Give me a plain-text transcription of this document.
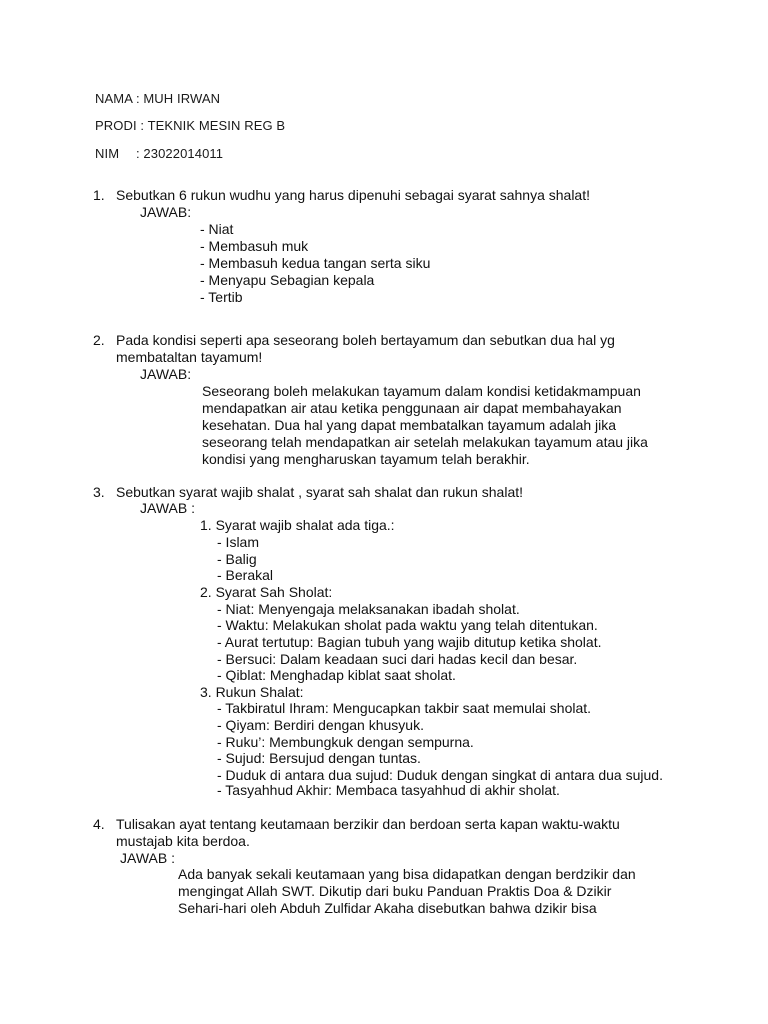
NAMA : MUH IRWAN
PRODI : TEKNIK MESIN REG B
NIM : 23022014011
1. Sebutkan 6 rukun wudhu yang harus dipenuhi sebagai syarat sahnya shalat!
JAWAB:
- Niat
- Membasuh muk
- Membasuh kedua tangan serta siku
- Menyapu Sebagian kepala
- Tertib
2. Pada kondisi seperti apa seseorang boleh bertayamum dan sebutkan dua hal yg
membataltan tayamum!
JAWAB:
Seseorang boleh melakukan tayamum dalam kondisi ketidakmampuan
mendapatkan air atau ketika penggunaan air dapat membahayakan
kesehatan. Dua hal yang dapat membatalkan tayamum adalah jika
seseorang telah mendapatkan air setelah melakukan tayamum atau jika
kondisi yang mengharuskan tayamum telah berakhir.
3. Sebutkan syarat wajib shalat , syarat sah shalat dan rukun shalat!
JAWAB :
1. Syarat wajib shalat ada tiga.:
- Islam
- Balig
- Berakal
2. Syarat Sah Sholat:
- Niat: Menyengaja melaksanakan ibadah sholat.
- Waktu: Melakukan sholat pada waktu yang telah ditentukan.
- Aurat tertutup: Bagian tubuh yang wajib ditutup ketika sholat.
- Bersuci: Dalam keadaan suci dari hadas kecil dan besar.
- Qiblat: Menghadap kiblat saat sholat.
3. Rukun Shalat:
- Takbiratul Ihram: Mengucapkan takbir saat memulai sholat.
- Qiyam: Berdiri dengan khusyuk.
- Ruku’: Membungkuk dengan sempurna.
- Sujud: Bersujud dengan tuntas.
- Duduk di antara dua sujud: Duduk dengan singkat di antara dua sujud.
- Tasyahhud Akhir: Membaca tasyahhud di akhir sholat.
4. Tulisakan ayat tentang keutamaan berzikir dan berdoan serta kapan waktu-waktu
mustajab kita berdoa.
JAWAB :
Ada banyak sekali keutamaan yang bisa didapatkan dengan berdzikir dan
mengingat Allah SWT. Dikutip dari buku Panduan Praktis Doa & Dzikir
Sehari-hari oleh Abduh Zulfidar Akaha disebutkan bahwa dzikir bisa
